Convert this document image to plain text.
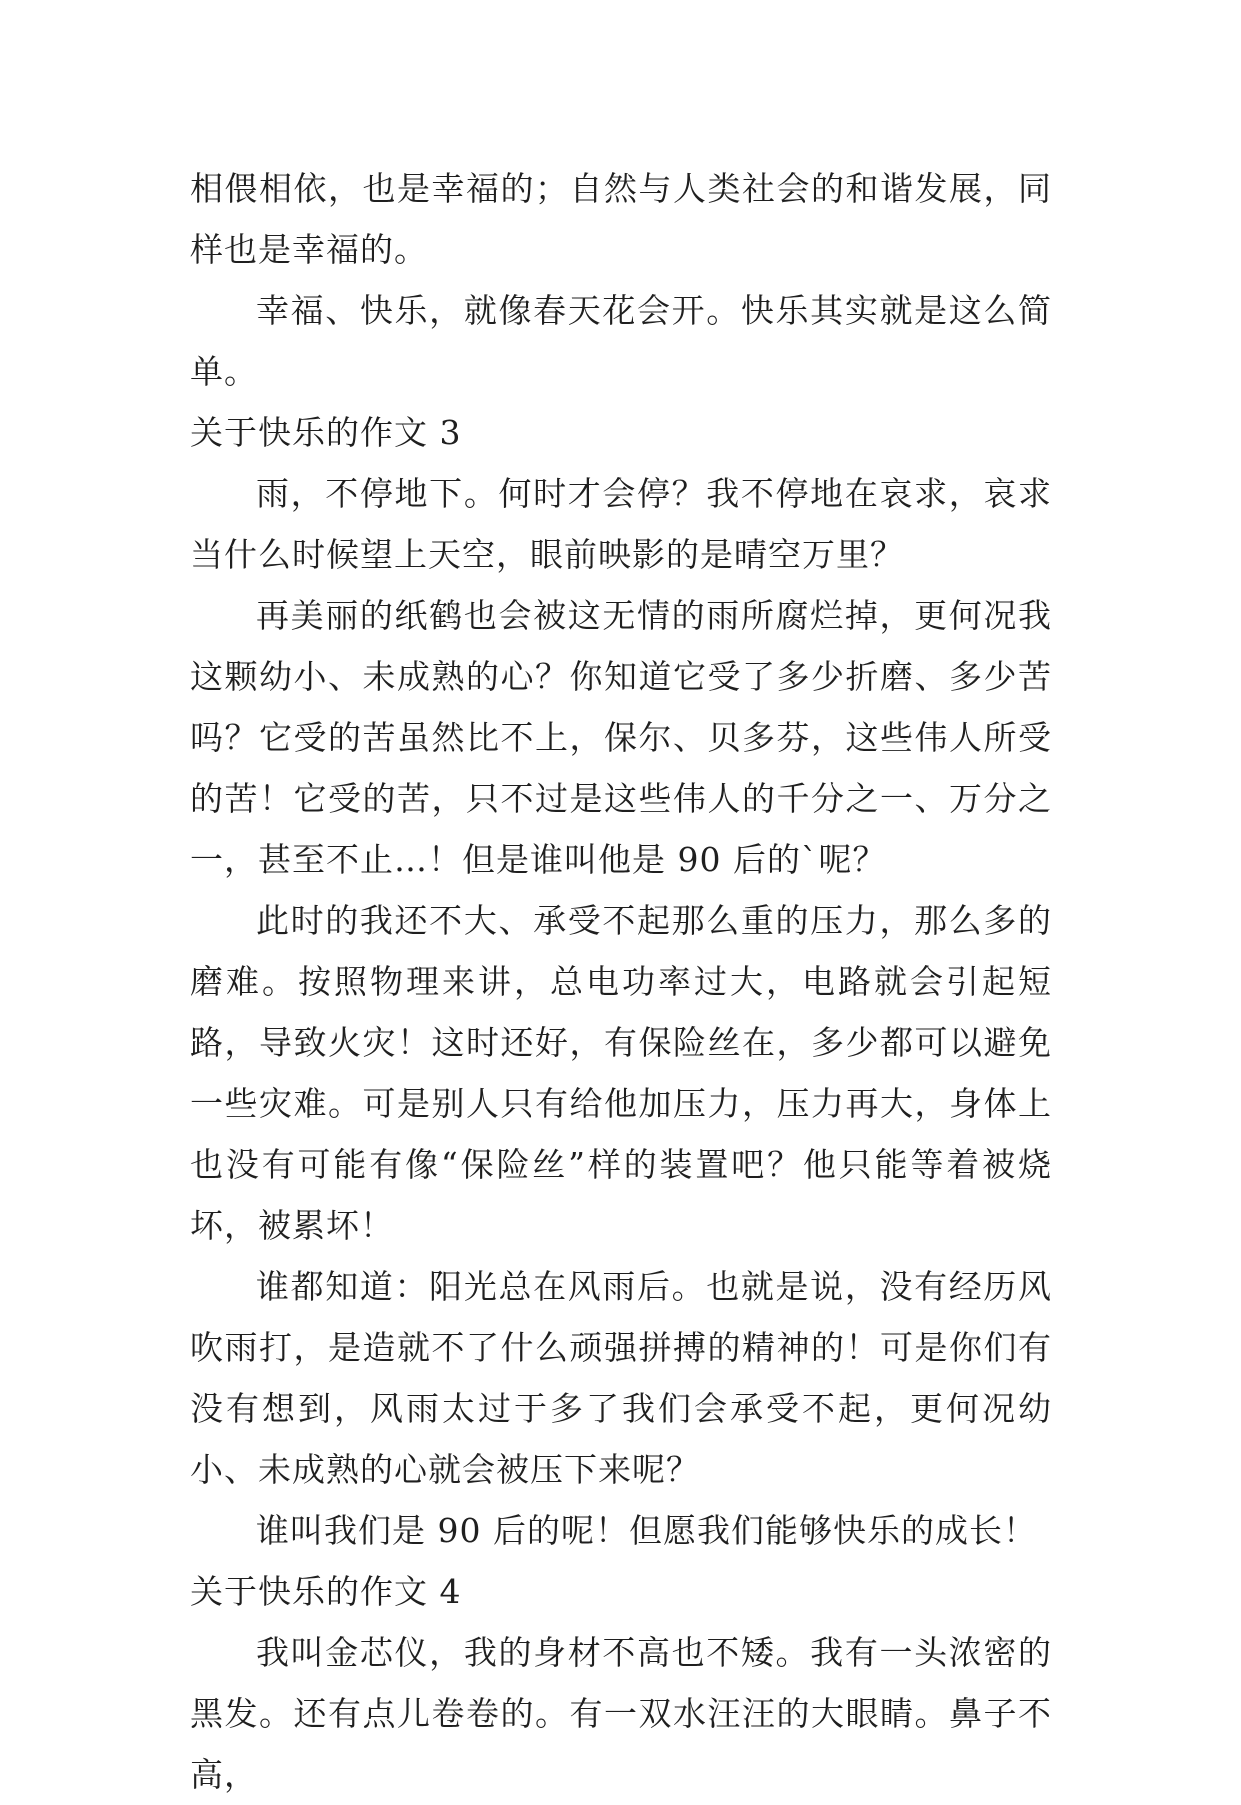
相偎相依，也是幸福的；自然与人类社会的和谐发展，同样也是幸福的。

幸福、快乐，就像春天花会开。快乐其实就是这么简单。

关于快乐的作文 3

雨，不停地下。何时才会停？我不停地在哀求，哀求当什么时候望上天空，眼前映影的是晴空万里？

再美丽的纸鹤也会被这无情的雨所腐烂掉，更何况我这颗幼小、未成熟的心？你知道它受了多少折磨、多少苦吗？它受的苦虽然比不上，保尔、贝多芬，这些伟人所受的苦！它受的苦，只不过是这些伟人的千分之一、万分之一，甚至不止…！但是谁叫他是 90 后的`呢？

此时的我还不大、承受不起那么重的压力，那么多的磨难。按照物理来讲，总电功率过大，电路就会引起短路，导致火灾！这时还好，有保险丝在，多少都可以避免一些灾难。可是别人只有给他加压力，压力再大，身体上也没有可能有像“保险丝”样的装置吧？他只能等着被烧坏，被累坏！

谁都知道：阳光总在风雨后。也就是说，没有经历风吹雨打，是造就不了什么顽强拼搏的精神的！可是你们有没有想到，风雨太过于多了我们会承受不起，更何况幼小、未成熟的心就会被压下来呢？

谁叫我们是 90 后的呢！但愿我们能够快乐的成长！

关于快乐的作文 4

我叫金芯仪，我的身材不高也不矮。我有一头浓密的黑发。还有点儿卷卷的。有一双水汪汪的大眼睛。鼻子不高，
